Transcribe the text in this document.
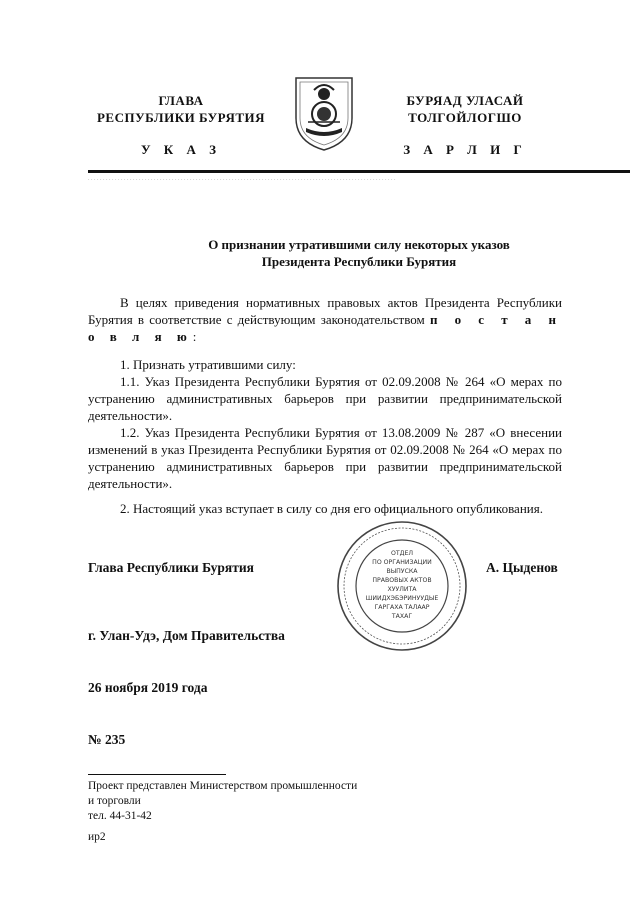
ГЛАВА
РЕСПУБЛИКИ БУРЯТИЯ
У К А З
БУРЯАД УЛАСАЙ
ТОЛГОЙЛОГШО
З А Р Л И Г
. . . . . . . . . . . . . . . . . . . . . . . . . . . . . . . . . . . . . . . . . . . . . . . . . . . . . . . . . . . . . . . . . . . . . . . . . . . . . . . . . . . . . . . . . . . . . . . . . . . . . . .
О признании утратившими силу некоторых указов
Президента Республики Бурятия

В целях приведения нормативных правовых актов Президента Республики Бурятия в соответствие с действующим законодательством п о с т а н о в л я ю:

1. Признать утратившими силу:

1.1. Указ Президента Республики Бурятия от 02.09.2008 № 264 «О мерах по устранению административных барьеров при развитии предпринимательской деятельности».

1.2. Указ Президента Республики Бурятия от 13.08.2009 № 287 «О внесении изменений в указ Президента Республики Бурятия от 02.09.2008 № 264 «О мерах по устранению административных барьеров при развитии предпринимательской деятельности».

2. Настоящий указ вступает в силу со дня его официального опубликования.

ОТДЕЛ
ПО ОРГАНИЗАЦИИ
ВЫПУСКА
ПРАВОВЫХ АКТОВ
ХУУЛИТА
ШИИДХЭБЭРИНУУДЫЕ
ГАРГАХА ТАЛААР
ТАХАГ
Глава Республики Бурятия	А. Цыденов
г. Улан-Удэ, Дом Правительства
26 ноября 2019 года
№ 235
Проект представлен Министерством промышленности
и торговли
тел. 44-31-42
ир2
